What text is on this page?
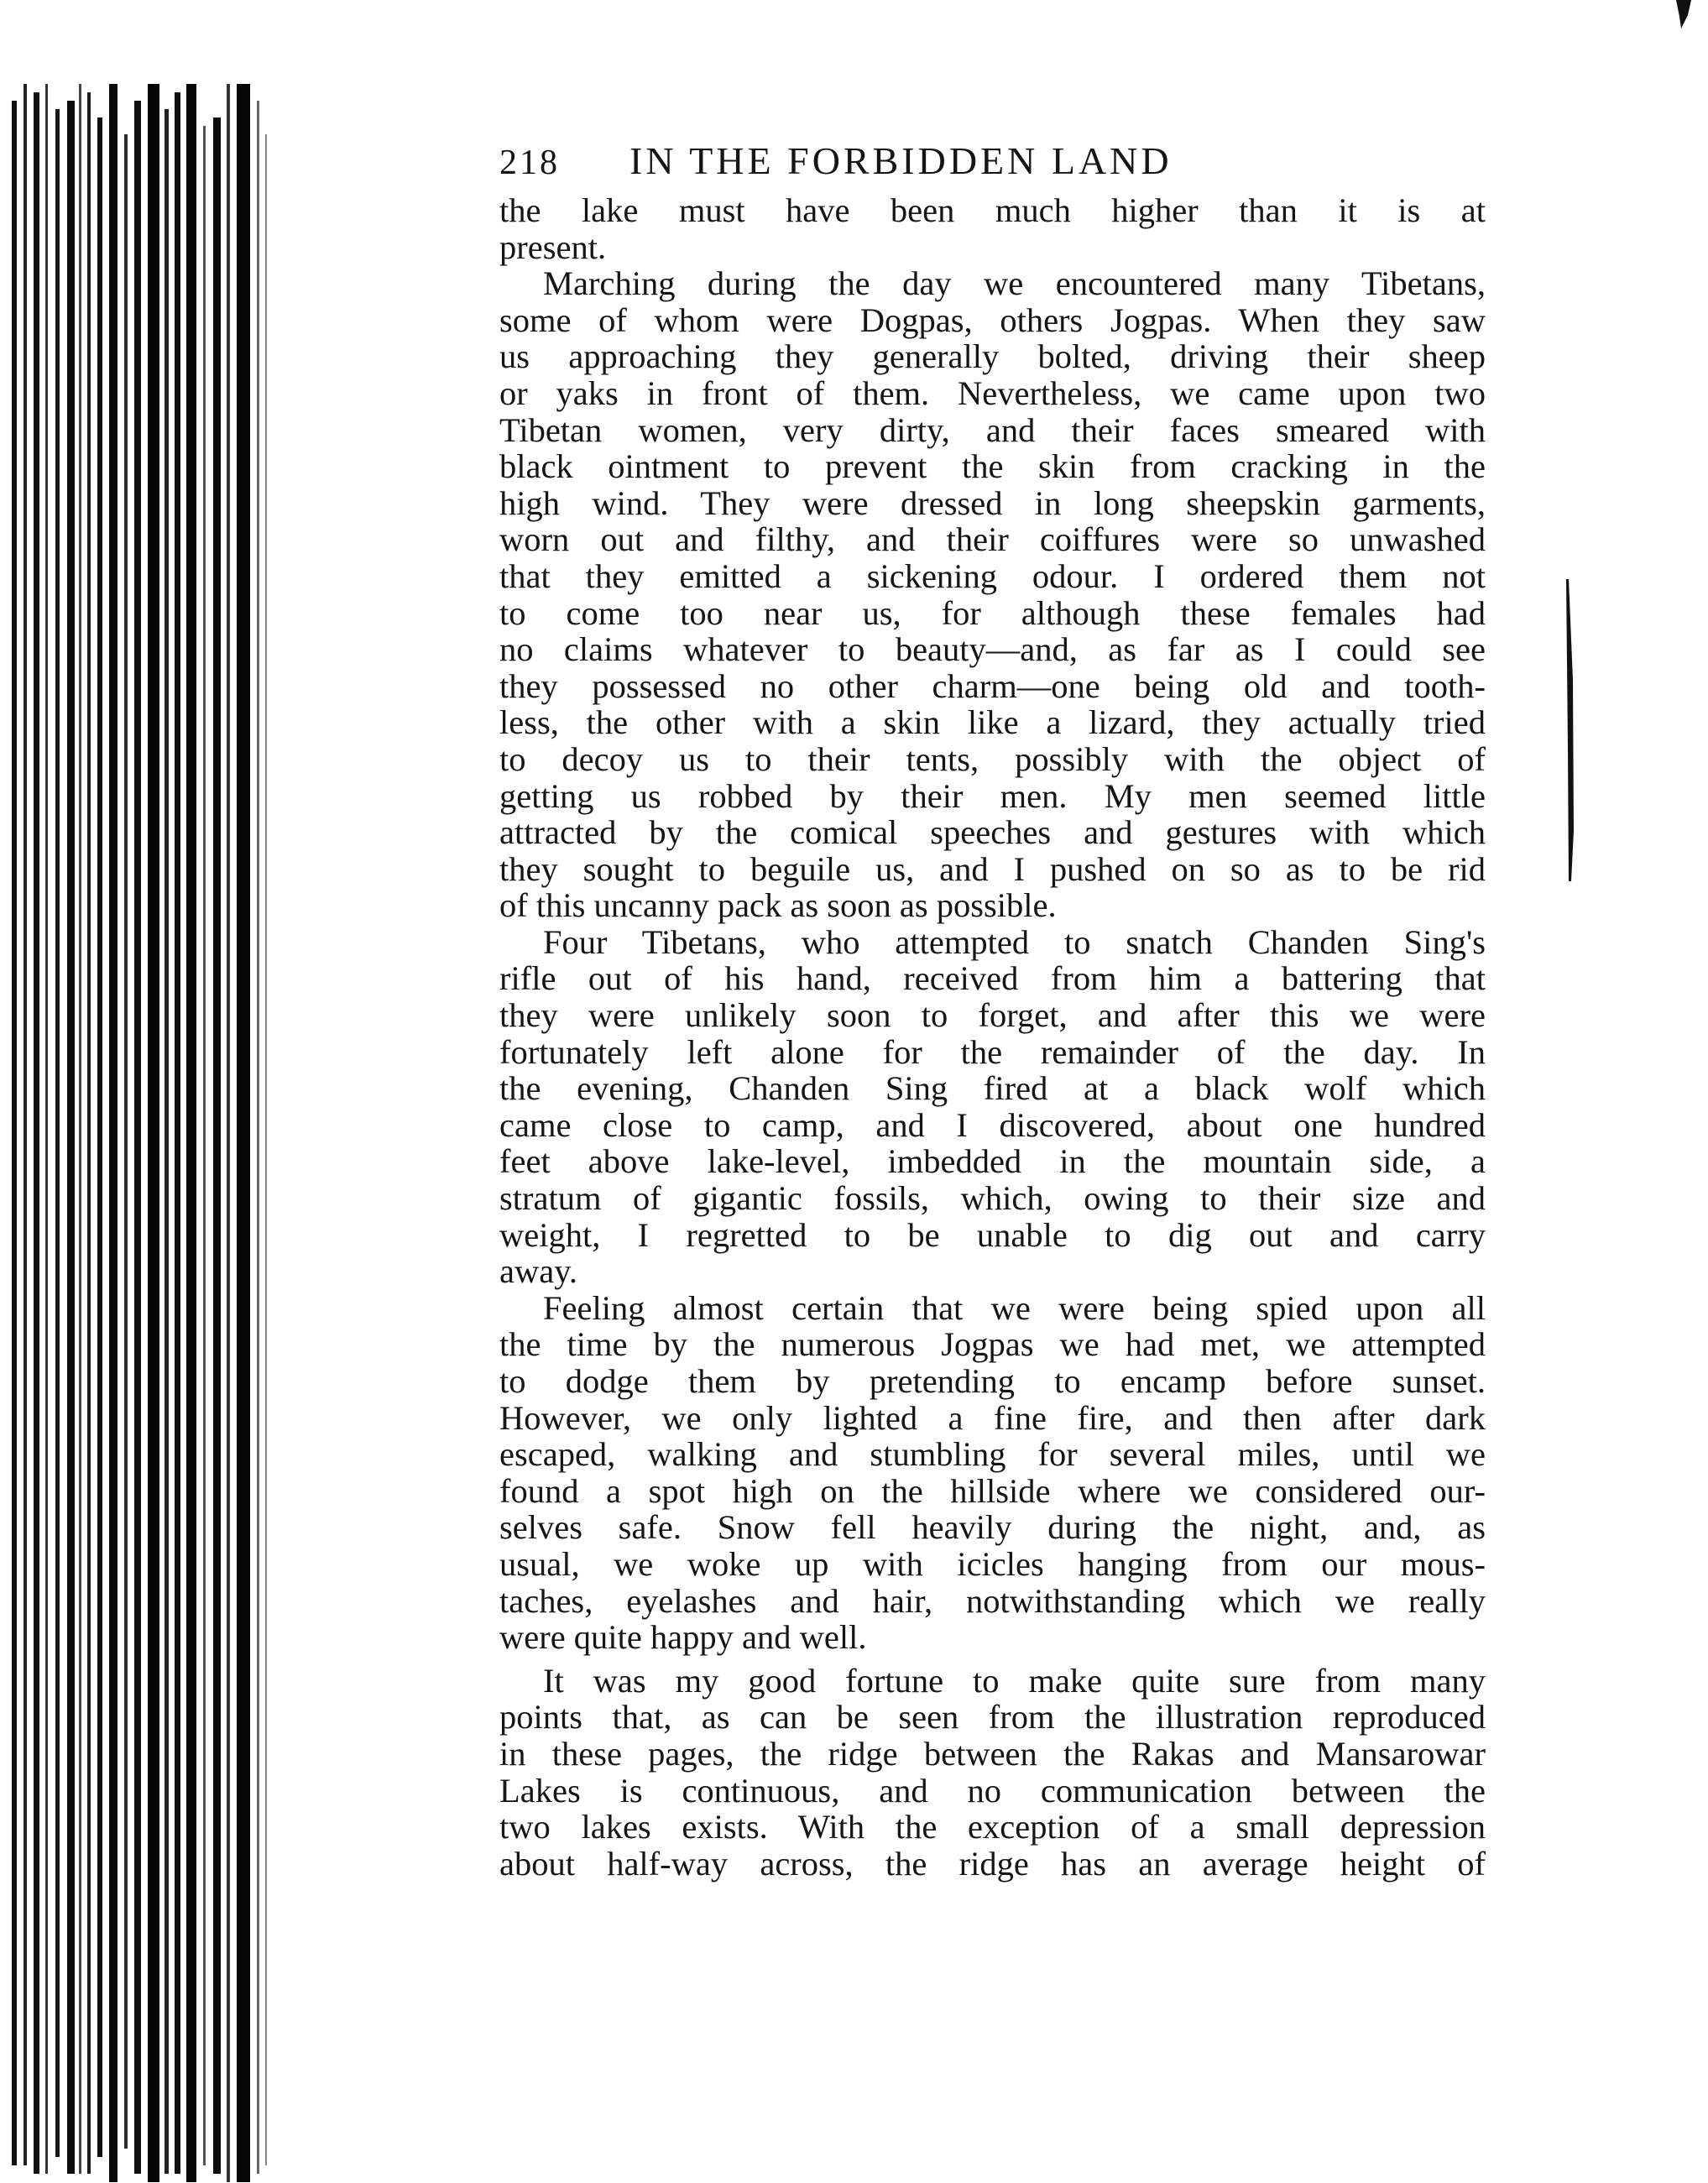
218	IN THE FORBIDDEN LAND

the lake must have been much higher than it is at
present.

Marching during the day we encountered many Tibetans,
some of whom were Dogpas, others Jogpas. When they saw
us approaching they generally bolted, driving their sheep
or yaks in front of them. Nevertheless, we came upon two
Tibetan women, very dirty, and their faces smeared with
black ointment to prevent the skin from cracking in the
high wind. They were dressed in long sheepskin garments,
worn out and filthy, and their coiffures were so unwashed
that they emitted a sickening odour. I ordered them not
to come too near us, for although these females had
no claims whatever to beauty—and, as far as I could see
they possessed no other charm—one being old and tooth-
less, the other with a skin like a lizard, they actually tried
to decoy us to their tents, possibly with the object of
getting us robbed by their men. My men seemed little
attracted by the comical speeches and gestures with which
they sought to beguile us, and I pushed on so as to be rid
of this uncanny pack as soon as possible.

Four Tibetans, who attempted to snatch Chanden Sing's
rifle out of his hand, received from him a battering that
they were unlikely soon to forget, and after this we were
fortunately left alone for the remainder of the day. In
the evening, Chanden Sing fired at a black wolf which
came close to camp, and I discovered, about one hundred
feet above lake-level, imbedded in the mountain side, a
stratum of gigantic fossils, which, owing to their size and
weight, I regretted to be unable to dig out and carry
away.

Feeling almost certain that we were being spied upon all
the time by the numerous Jogpas we had met, we attempted
to dodge them by pretending to encamp before sunset.
However, we only lighted a fine fire, and then after dark
escaped, walking and stumbling for several miles, until we
found a spot high on the hillside where we considered our-
selves safe. Snow fell heavily during the night, and, as
usual, we woke up with icicles hanging from our mous-
taches, eyelashes and hair, notwithstanding which we really
were quite happy and well.

It was my good fortune to make quite sure from many
points that, as can be seen from the illustration reproduced
in these pages, the ridge between the Rakas and Mansarowar
Lakes is continuous, and no communication between the
two lakes exists. With the exception of a small depression
about half-way across, the ridge has an average height of
